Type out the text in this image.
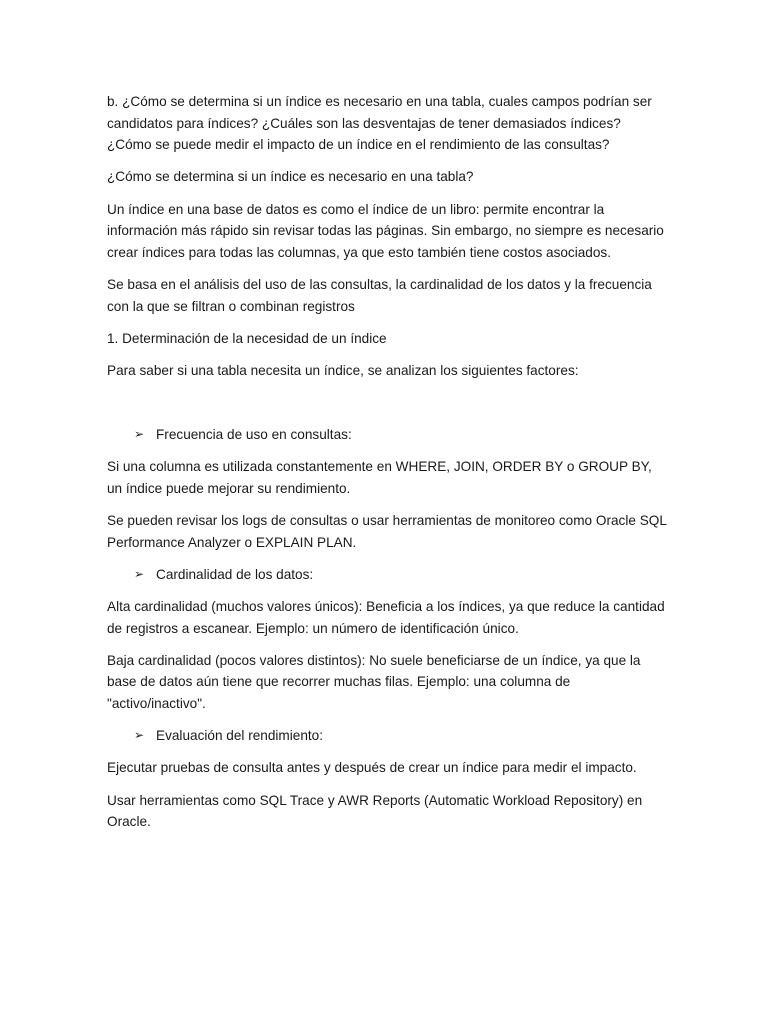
b. ¿Cómo se determina si un índice es necesario en una tabla, cuales campos podrían ser candidatos para índices? ¿Cuáles son las desventajas de tener demasiados índices? ¿Cómo se puede medir el impacto de un índice en el rendimiento de las consultas?

¿Cómo se determina si un índice es necesario en una tabla?

Un índice en una base de datos es como el índice de un libro: permite encontrar la información más rápido sin revisar todas las páginas. Sin embargo, no siempre es necesario crear índices para todas las columnas, ya que esto también tiene costos asociados.

Se basa en el análisis del uso de las consultas, la cardinalidad de los datos y la frecuencia con la que se filtran o combinan registros

1. Determinación de la necesidad de un índice

Para saber si una tabla necesita un índice, se analizan los siguientes factores:

➢ Frecuencia de uso en consultas:

Si una columna es utilizada constantemente en WHERE, JOIN, ORDER BY o GROUP BY, un índice puede mejorar su rendimiento.

Se pueden revisar los logs de consultas o usar herramientas de monitoreo como Oracle SQL Performance Analyzer o EXPLAIN PLAN.

➢ Cardinalidad de los datos:

Alta cardinalidad (muchos valores únicos): Beneficia a los índices, ya que reduce la cantidad de registros a escanear. Ejemplo: un número de identificación único.

Baja cardinalidad (pocos valores distintos): No suele beneficiarse de un índice, ya que la base de datos aún tiene que recorrer muchas filas. Ejemplo: una columna de "activo/inactivo".

➢ Evaluación del rendimiento:

Ejecutar pruebas de consulta antes y después de crear un índice para medir el impacto.

Usar herramientas como SQL Trace y AWR Reports (Automatic Workload Repository) en Oracle.
